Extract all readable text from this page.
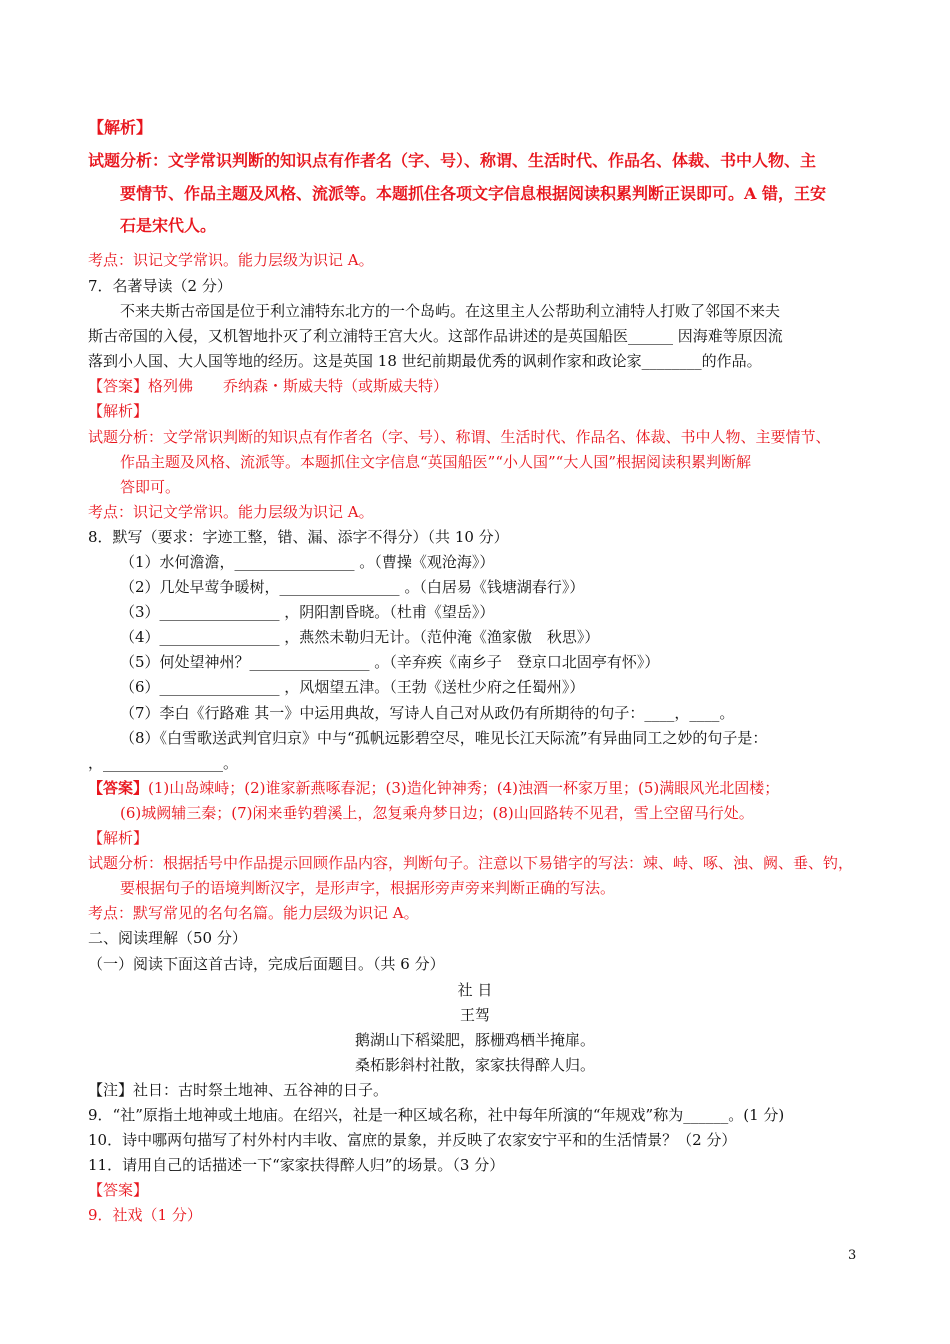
【解析】
试题分析：文学常识判断的知识点有作者名（字、号）、称谓、生活时代、作品名、体裁、书中人物、主
要情节、作品主题及风格、流派等。本题抓住各项文字信息根据阅读积累判断正误即可。A 错，王安
石是宋代人。
考点：识记文学常识。能力层级为识记 A。
7．名著导读（2 分）
不来夫斯古帝国是位于利立浦特东北方的一个岛屿。在这里主人公帮助利立浦特人打败了邻国不来夫
斯古帝国的入侵，又机智地扑灭了利立浦特王宫大火。这部作品讲述的是英国船医______ 因海难等原因流
落到小人国、大人国等地的经历。这是英国 18 世纪前期最优秀的讽刺作家和政论家________的作品。
【答案】格列佛　　乔纳森・斯威夫特（或斯威夫特）
【解析】
试题分析：文学常识判断的知识点有作者名（字、号）、称谓、生活时代、作品名、体裁、书中人物、主要情节、
作品主题及风格、流派等。本题抓住文字信息“英国船医”“小人国”“大人国”根据阅读积累判断解
答即可。
考点：识记文学常识。能力层级为识记 A。
8．默写（要求：字迹工整，错、漏、添字不得分）（共 10 分）
（1）水何澹澹，________________ 。（曹操《观沧海》）
（2）几处早莺争暖树，________________ 。（白居易《钱塘湖春行》）
（3）________________ ，阴阳割昏晓。（杜甫《望岳》）
（4）________________ ，燕然未勒归无计。（范仲淹《渔家傲　秋思》）
（5）何处望神州？________________ 。（辛弃疾《南乡子　登京口北固亭有怀》）
（6）________________ ，风烟望五津。（王勃《送杜少府之任蜀州》）
（7）李白《行路难 其一》中运用典故，写诗人自己对从政仍有所期待的句子：____，____。
（8）《白雪歌送武判官归京》中与“孤帆远影碧空尽，唯见长江天际流”有异曲同工之妙的句子是：
，________________。
【答案】(1)山岛竦峙；(2)谁家新燕啄春泥；(3)造化钟神秀；(4)浊酒一杯家万里；(5)满眼风光北固楼；
(6)城阙辅三秦；(7)闲来垂钓碧溪上，忽复乘舟梦日边；(8)山回路转不见君，雪上空留马行处。
【解析】
试题分析：根据括号中作品提示回顾作品内容，判断句子。注意以下易错字的写法：竦、峙、啄、浊、阙、垂、钓，
要根据句子的语境判断汉字，是形声字，根据形旁声旁来判断正确的写法。
考点：默写常见的名句名篇。能力层级为识记 A。
二、阅读理解（50 分）
（一）阅读下面这首古诗，完成后面题目。（共 6 分）
社 日
王驾
鹅湖山下稻粱肥，豚栅鸡栖半掩扉。
桑柘影斜村社散，家家扶得醉人归。
【注】社日：古时祭土地神、五谷神的日子。
9．“社”原指土地神或土地庙。在绍兴，社是一种区域名称，社中每年所演的“年规戏”称为______。(1 分)
10．诗中哪两句描写了村外村内丰收、富庶的景象，并反映了农家安宁平和的生活情景？（2 分）
11．请用自己的话描述一下“家家扶得醉人归”的场景。（3 分）
【答案】
9．社戏（1 分）
3
